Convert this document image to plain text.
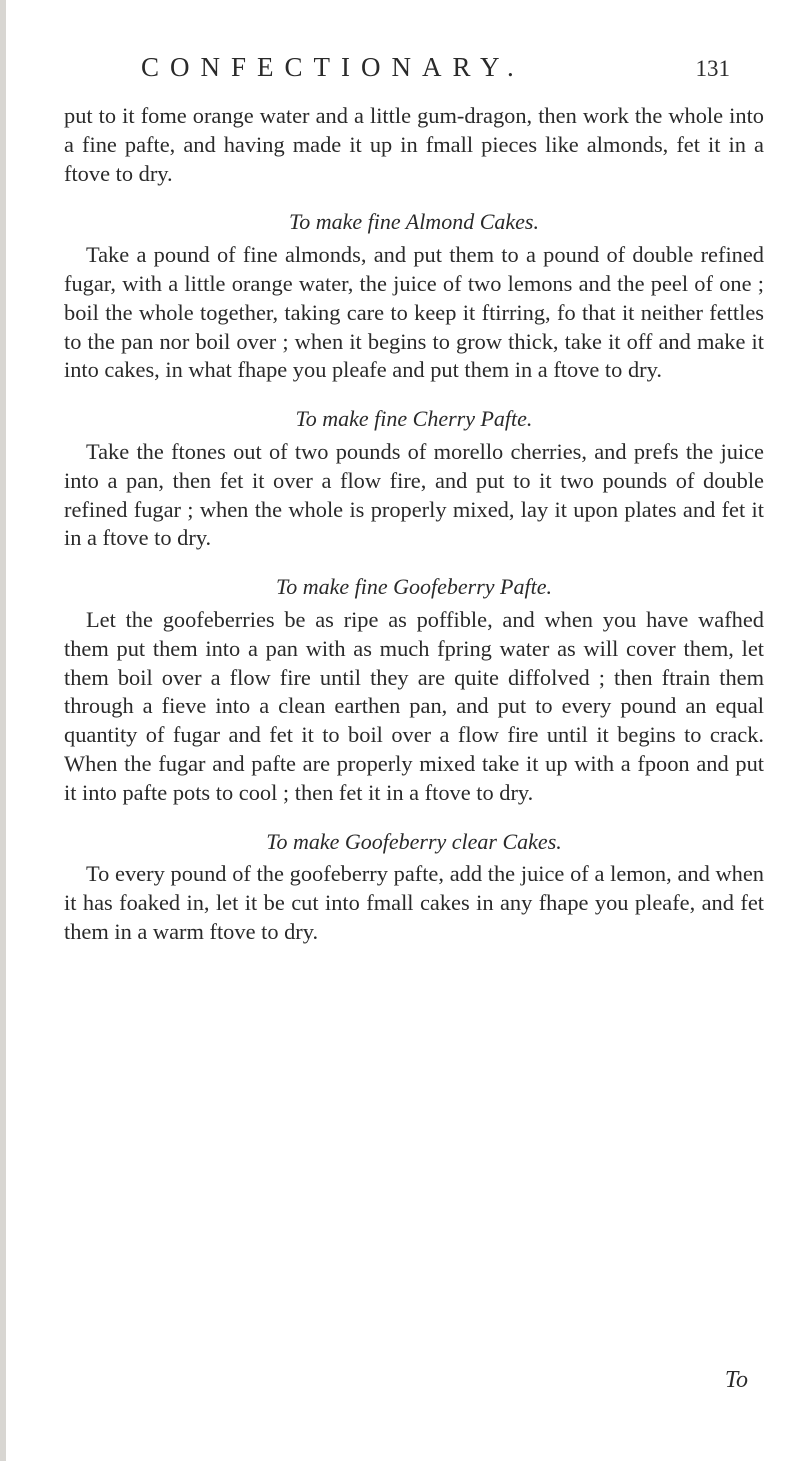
CONFECTIONARY.	131

put to it fome orange water and a little gum-dragon, then work the whole into a fine pafte, and having made it up in fmall pieces like almonds, fet it in a ftove to dry.

To make fine Almond Cakes.

Take a pound of fine almonds, and put them to a pound of double refined fugar, with a little orange water, the juice of two lemons and the peel of one ; boil the whole together, taking care to keep it ftirring, fo that it neither fettles to the pan nor boil over ; when it begins to grow thick, take it off and make it into cakes, in what fhape you pleafe and put them in a ftove to dry.

To make fine Cherry Pafte.

Take the ftones out of two pounds of morello cherries, and prefs the juice into a pan, then fet it over a flow fire, and put to it two pounds of double refined fugar ; when the whole is properly mixed, lay it upon plates and fet it in a ftove to dry.

To make fine Goofeberry Pafte.

Let the goofeberries be as ripe as poffible, and when you have wafhed them put them into a pan with as much fpring water as will cover them, let them boil over a flow fire until they are quite diffolved ; then ftrain them through a fieve into a clean earthen pan, and put to every pound an equal quantity of fugar and fet it to boil over a flow fire until it begins to crack. When the fugar and pafte are properly mixed take it up with a fpoon and put it into pafte pots to cool ; then fet it in a ftove to dry.

To make Goofeberry clear Cakes.

To every pound of the goofeberry pafte, add the juice of a lemon, and when it has foaked in, let it be cut into fmall cakes in any fhape you pleafe, and fet them in a warm ftove to dry.

To
